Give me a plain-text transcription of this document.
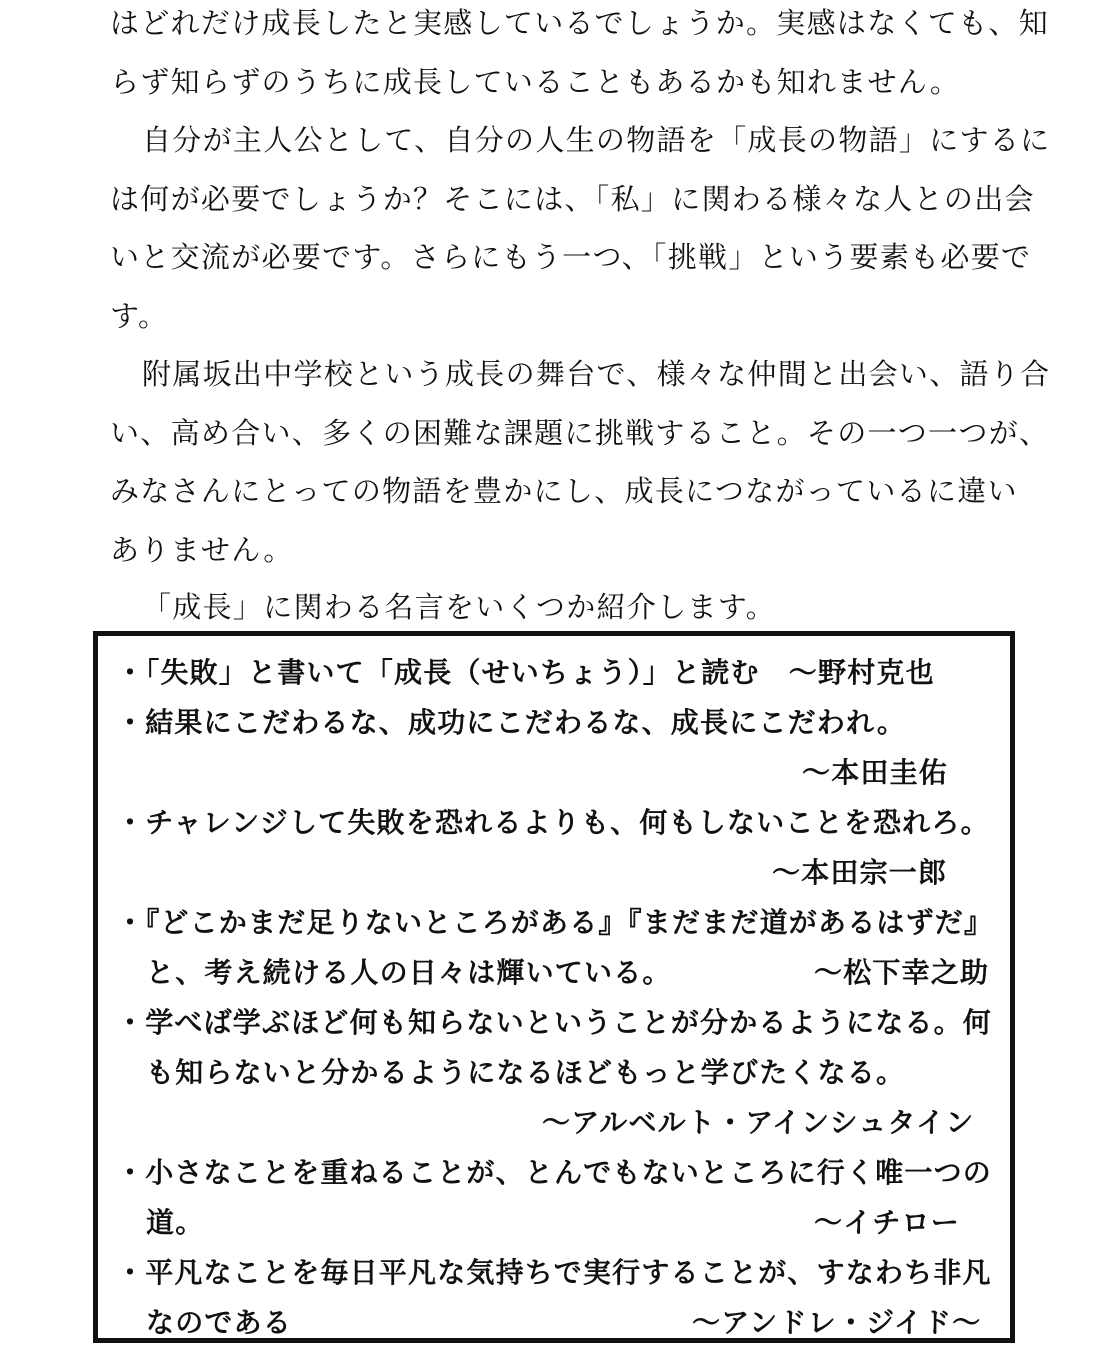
はどれだけ成長したと実感しているでしょうか。実感はなくても、知
らず知らずのうちに成長していることもあるかも知れません。

自分が主人公として、自分の人生の物語を「成長の物語」にするに
は何が必要でしょうか？そこには、「私」に関わる様々な人との出会
いと交流が必要です。さらにもう一つ、「挑戦」という要素も必要で
す。

附属坂出中学校という成長の舞台で、様々な仲間と出会い、語り合
い、高め合い、多くの困難な課題に挑戦すること。その一つ一つが、
みなさんにとっての物語を豊かにし、成長につながっているに違い
ありません。

「成長」に関わる名言をいくつか紹介します。
・「失敗」と書いて「成長（せいちょう）」と読む　～野村克也
・結果にこだわるな、成功にこだわるな、成長にこだわれ。
～本田圭佑
・チャレンジして失敗を恐れるよりも、何もしないことを恐れろ。
～本田宗一郎
・『どこかまだ足りないところがある』『まだまだ道があるはずだ』
と、考え続ける人の日々は輝いている。	～松下幸之助
・学べば学ぶほど何も知らないということが分かるようになる。何
も知らないと分かるようになるほどもっと学びたくなる。
～アルベルト・アインシュタイン
・小さなことを重ねることが、とんでもないところに行く唯一つの
道。	～イチロー
・平凡なことを毎日平凡な気持ちで実行することが、すなわち非凡
なのである	～アンドレ・ジイド～
